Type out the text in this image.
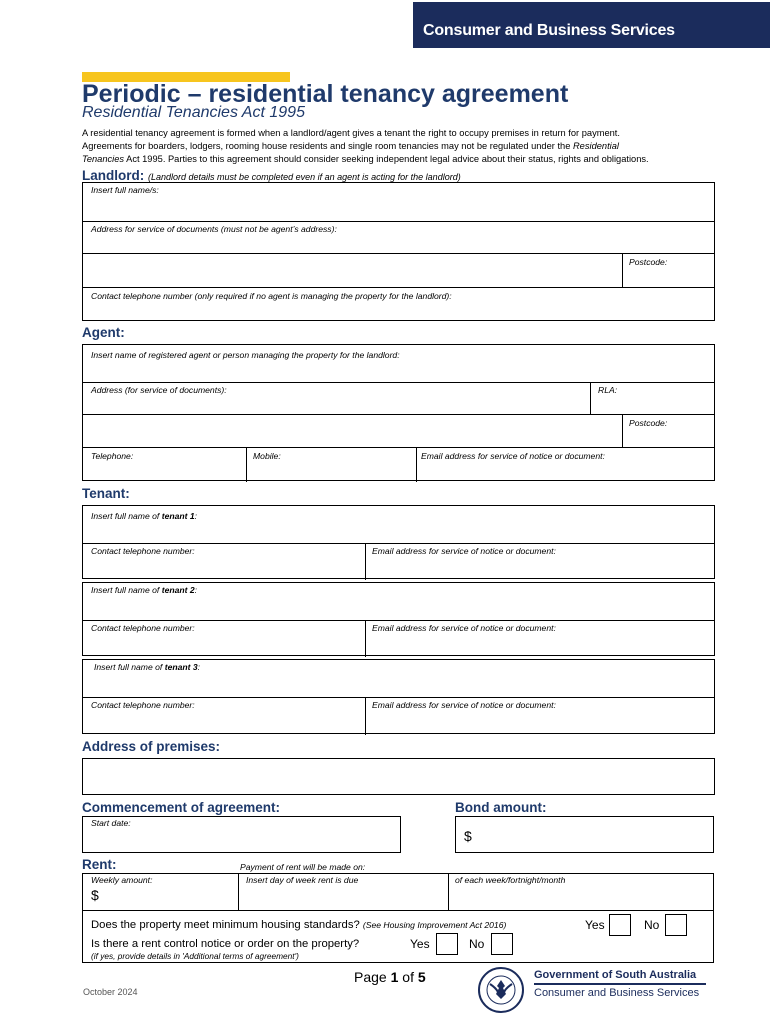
Consumer and Business Services
Periodic – residential tenancy agreement
Residential Tenancies Act 1995
A residential tenancy agreement is formed when a landlord/agent gives a tenant the right to occupy premises in return for payment.
Agreements for boarders, lodgers, rooming house residents and single room tenancies may not be regulated under the Residential
Tenancies Act 1995. Parties to this agreement should consider seeking independent legal advice about their status, rights and obligations.
Landlord: (Landlord details must be completed even if an agent is acting for the landlord)
Insert full name/s:
Address for service of documents (must not be agent’s address):
Postcode:
Contact telephone number (only required if no agent is managing the property for the landlord):
Agent:
Insert name of registered agent or person managing the property for the landlord:
Address (for service of documents):	RLA:
Postcode:
Telephone:	Mobile:	Email address for service of notice or document:
Tenant:
Insert full name of tenant 1:
Contact telephone number:	Email address for service of notice or document:
Insert full name of tenant 2:
Contact telephone number:	Email address for service of notice or document:
Insert full name of tenant 3:
Contact telephone number:	Email address for service of notice or document:
Address of premises:
Commencement of agreement:
Start date:
Bond amount:
$
Rent:	Payment of rent will be made on:
Weekly amount:
$
Insert day of week rent is due	of each week/fortnight/month
Does the property meet minimum housing standards? (See Housing Improvement Act 2016)	Yes	No
Is there a rent control notice or order on the property?	Yes	No
(if yes, provide details in 'Additional terms of agreement')
Page 1 of 5
October 2024
Government of South Australia
Consumer and Business Services
